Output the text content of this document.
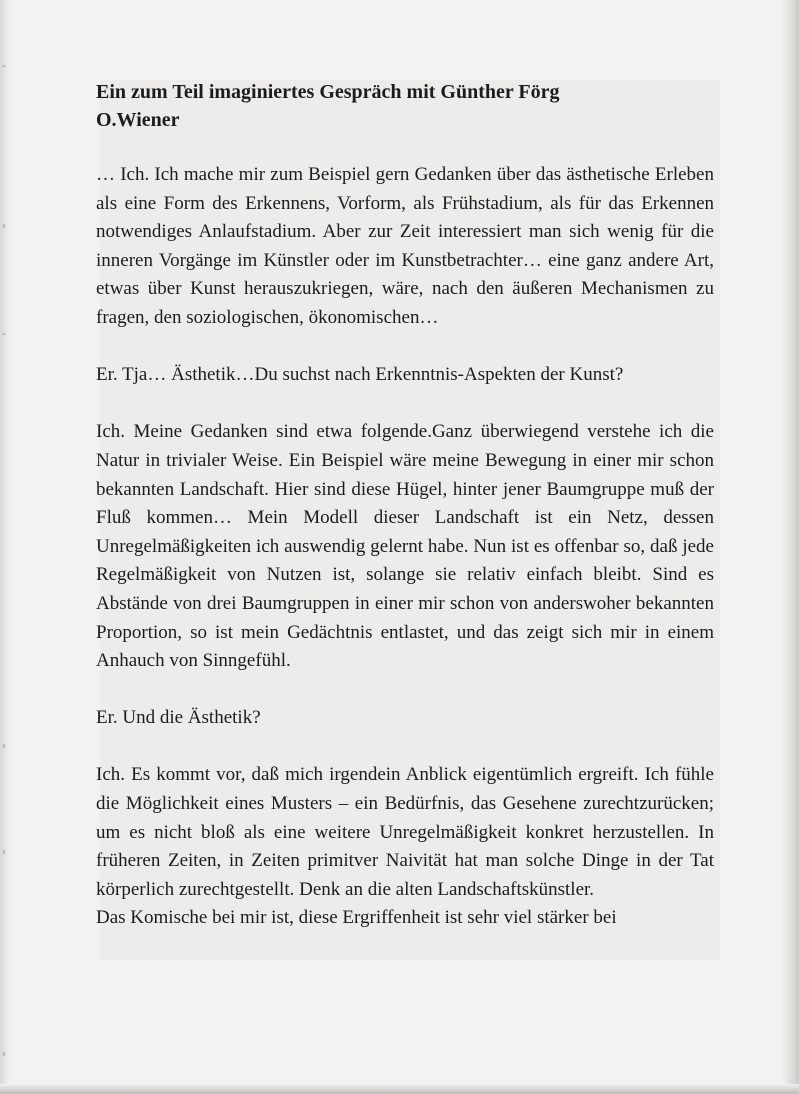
-
›
-
›
›
›

Ein zum Teil imaginiertes Gespräch mit Günther Förg

O.Wiener

… Ich. Ich mache mir zum Beispiel gern Gedanken über das ästhetische Erleben als eine Form des Erkennens, Vorform, als Frühstadium, als für das Erkennen notwendiges Anlaufstadium. Aber zur Zeit interessiert man sich wenig für die inneren Vorgänge im Künstler oder im Kunstbetrachter… eine ganz andere Art, etwas über Kunst herauszukriegen, wäre, nach den äußeren Mechanismen zu fragen, den soziologischen, ökonomischen…

Er. Tja… Ästhetik…Du suchst nach Erkenntnis-Aspekten der Kunst?

Ich. Meine Gedanken sind etwa folgende.Ganz überwiegend verstehe ich die Natur in trivialer Weise. Ein Beispiel wäre meine Bewegung in einer mir schon bekannten Landschaft. Hier sind diese Hügel, hinter jener Baumgruppe muß der Fluß kommen… Mein Modell dieser Landschaft ist ein Netz, dessen Unregelmäßigkeiten ich auswendig gelernt habe. Nun ist es offenbar so, daß jede Regelmäßigkeit von Nutzen ist, solange sie relativ einfach bleibt. Sind es Abstände von drei Baumgruppen in einer mir schon von anderswoher bekannten Proportion, so ist mein Gedächtnis entlastet, und das zeigt sich mir in einem Anhauch von Sinngefühl.

Er. Und die Ästhetik?

Ich. Es kommt vor, daß mich irgendein Anblick eigentümlich ergreift. Ich fühle die Möglichkeit eines Musters – ein Bedürfnis, das Gesehene zurechtzurücken; um es nicht bloß als eine weitere Unregelmäßigkeit konkret herzustellen. In früheren Zeiten, in Zeiten primitver Naivität hat man solche Dinge in der Tat körperlich zurechtgestellt. Denk an die alten Landschaftskünstler.

Das Komische bei mir ist, diese Ergriffenheit ist sehr viel stärker bei
